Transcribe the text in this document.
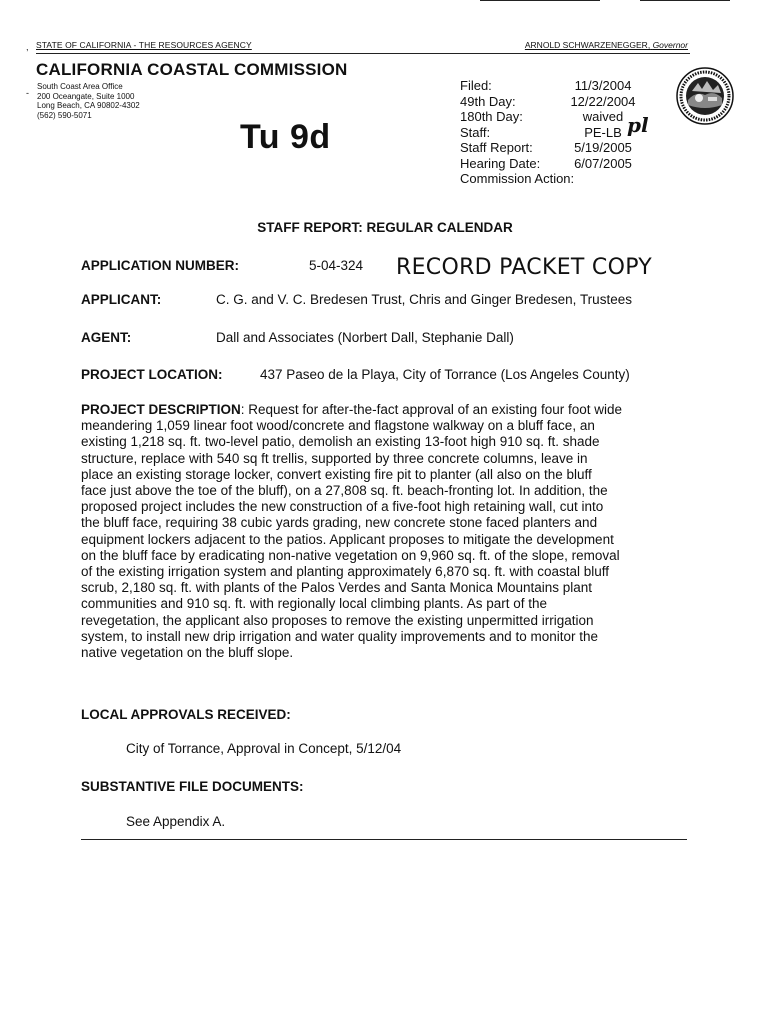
,
-
STATE OF CALIFORNIA - THE RESOURCES AGENCY	ARNOLD SCHWARZENEGGER, Governor
CALIFORNIA COASTAL COMMISSION
South Coast Area Office
200 Oceangate, Suite 1000
Long Beach, CA 90802-4302
(562) 590-5071
Tu 9d
Filed:	11/3/2004
49th Day:	12/22/2004
180th Day:	waived
Staff:	PE-LB
Staff Report:	5/19/2005
Hearing Date:	6/07/2005
Commission Action:
pl
STAFF REPORT: REGULAR CALENDAR
APPLICATION NUMBER:	5-04-324 RECORD PACKET COPY
APPLICANT:	C. G. and V. C. Bredesen Trust, Chris and Ginger Bredesen, Trustees
AGENT:	Dall and Associates (Norbert Dall, Stephanie Dall)
PROJECT LOCATION:	437 Paseo de la Playa, City of Torrance (Los Angeles County)
PROJECT DESCRIPTION: Request for after-the-fact approval of an existing four foot wide
meandering 1,059 linear foot wood/concrete and flagstone walkway on a bluff face, an
existing 1,218 sq. ft. two-level patio, demolish an existing 13-foot high 910 sq. ft. shade
structure, replace with 540 sq ft trellis, supported by three concrete columns, leave in
place an existing storage locker, convert existing fire pit to planter (all also on the bluff
face just above the toe of the bluff), on a 27,808 sq. ft. beach-fronting lot. In addition, the
proposed project includes the new construction of a five-foot high retaining wall, cut into
the bluff face, requiring 38 cubic yards grading, new concrete stone faced planters and
equipment lockers adjacent to the patios. Applicant proposes to mitigate the development
on the bluff face by eradicating non-native vegetation on 9,960 sq. ft. of the slope, removal
of the existing irrigation system and planting approximately 6,870 sq. ft. with coastal bluff
scrub, 2,180 sq. ft. with plants of the Palos Verdes and Santa Monica Mountains plant
communities and 910 sq. ft. with regionally local climbing plants. As part of the
revegetation, the applicant also proposes to remove the existing unpermitted irrigation
system, to install new drip irrigation and water quality improvements and to monitor the
native vegetation on the bluff slope.
LOCAL APPROVALS RECEIVED:
City of Torrance, Approval in Concept, 5/12/04
SUBSTANTIVE FILE DOCUMENTS:
See Appendix A.
